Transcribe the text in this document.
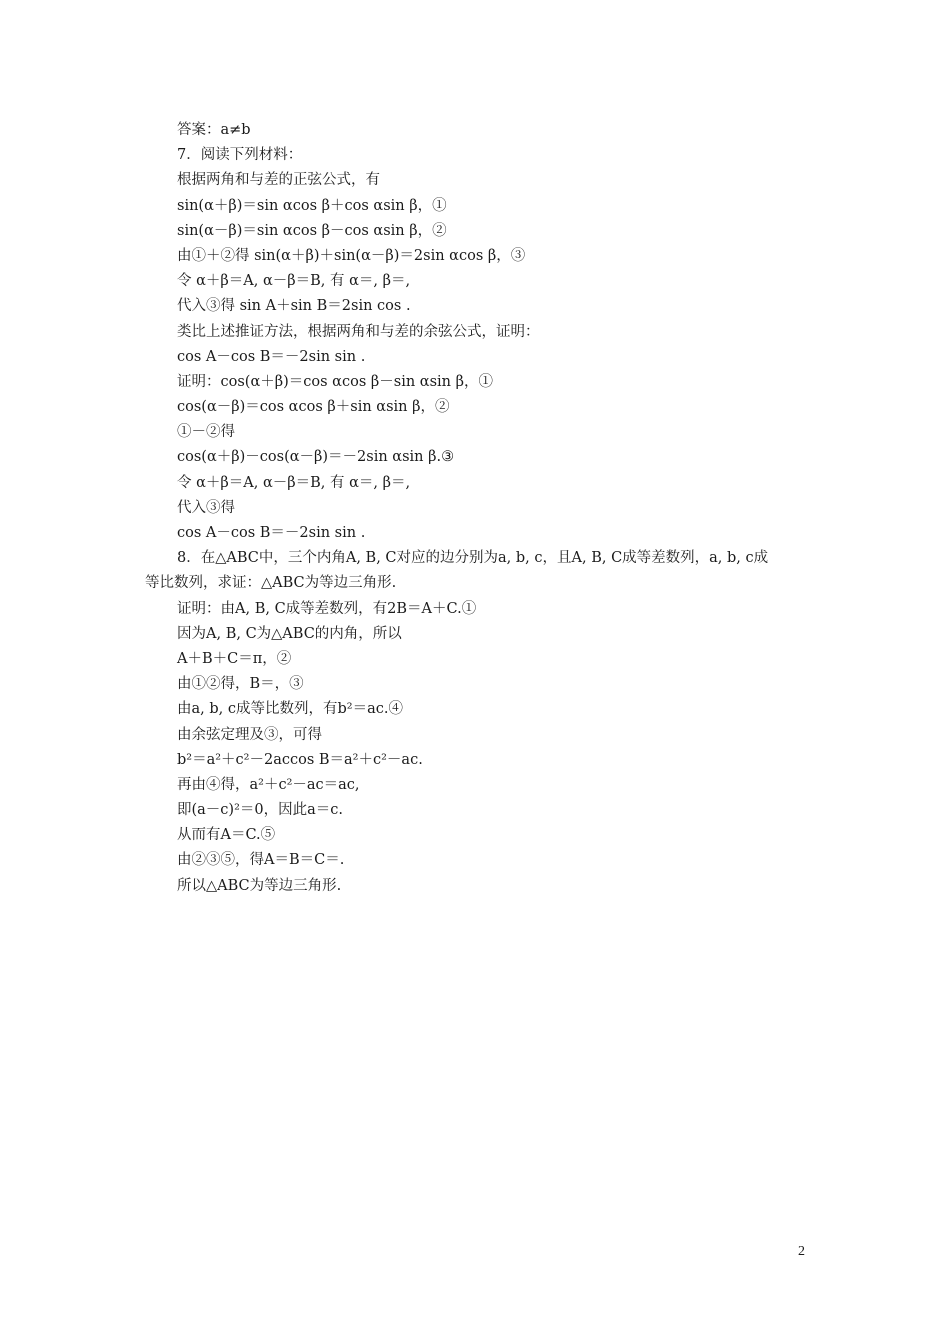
答案：a≠b
7．阅读下列材料：
根据两角和与差的正弦公式，有
sin(α＋β)＝sin αcos β＋cos αsin β，①
sin(α－β)＝sin αcos β－cos αsin β，②
由①＋②得 sin(α＋β)＋sin(α－β)＝2sin αcos β，③
令 α＋β＝A, α－β＝B, 有 α＝, β＝,
代入③得 sin A＋sin B＝2sin cos .
类比上述推证方法，根据两角和与差的余弦公式，证明：
cos A－cos B＝－2sin sin .
证明：cos(α＋β)＝cos αcos β－sin αsin β，①
cos(α－β)＝cos αcos β＋sin αsin β，②
①－②得
cos(α＋β)－cos(α－β)＝－2sin αsin β.③
令 α＋β＝A, α－β＝B, 有 α＝, β＝,
代入③得
cos A－cos B＝－2sin sin .
8．在△ABC中，三个内角A, B, C对应的边分别为a, b, c，且A, B, C成等差数列，a, b, c成
等比数列，求证：△ABC为等边三角形.
证明：由A, B, C成等差数列，有2B＝A＋C.①
因为A, B, C为△ABC的内角，所以
A＋B＋C＝π，②
由①②得，B＝，③
由a, b, c成等比数列，有b²＝ac.④
由余弦定理及③，可得
b²＝a²＋c²－2accos B＝a²＋c²－ac.
再由④得，a²＋c²－ac＝ac,
即(a－c)²＝0，因此a＝c.
从而有A＝C.⑤
由②③⑤，得A＝B＝C＝.
所以△ABC为等边三角形.
2
